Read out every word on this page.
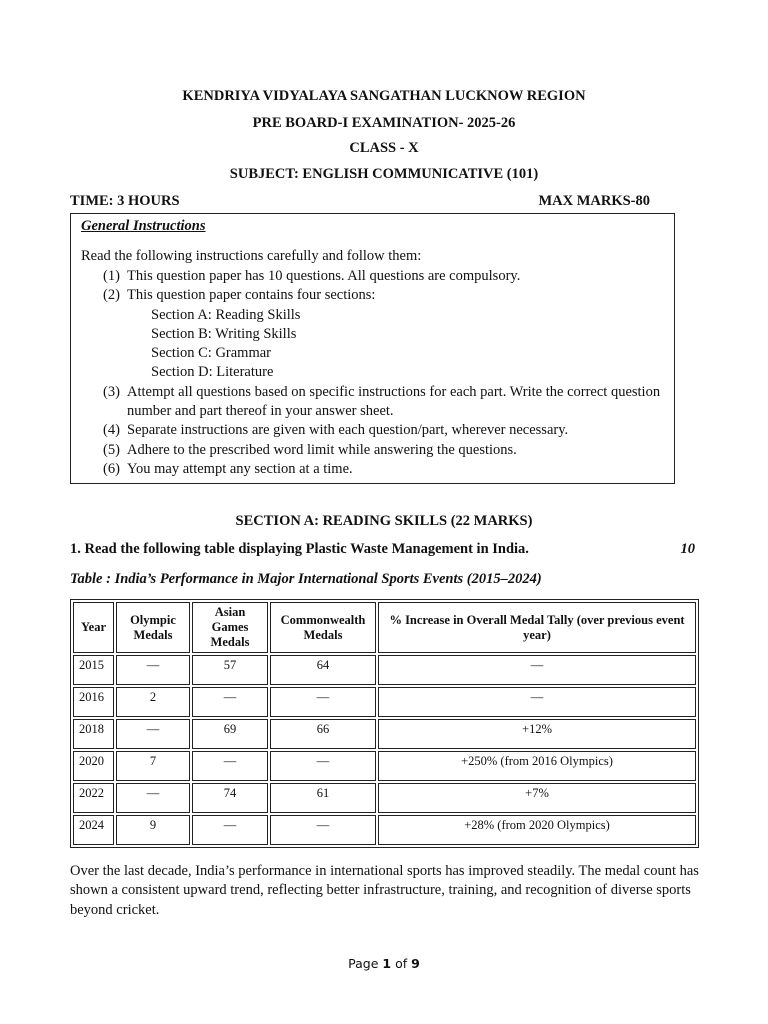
KENDRIYA VIDYALAYA SANGATHAN LUCKNOW REGION
PRE BOARD-I EXAMINATION- 2025-26
CLASS - X
SUBJECT: ENGLISH COMMUNICATIVE (101)
TIME: 3 HOURS	MAX MARKS-80
General Instructions
Read the following instructions carefully and follow them:
(1) This question paper has 10 questions. All questions are compulsory.
(2) This question paper contains four sections:
Section A: Reading Skills
Section B: Writing Skills
Section C: Grammar
Section D: Literature
(3) Attempt all questions based on specific instructions for each part. Write the correct question number and part thereof in your answer sheet.
(4) Separate instructions are given with each question/part, wherever necessary.
(5) Adhere to the prescribed word limit while answering the questions.
(6) You may attempt any section at a time.
SECTION A: READING SKILLS (22 MARKS)
1. Read the following table displaying Plastic Waste Management in India.	10
Table : India’s Performance in Major International Sports Events (2015–2024)
Year	Olympic Medals	Asian Games Medals	Commonwealth Medals	% Increase in Overall Medal Tally (over previous event year)
2015	—	57	64	—
2016	2	—	—	—
2018	—	69	66	+12%
2020	7	—	—	+250% (from 2016 Olympics)
2022	—	74	61	+7%
2024	9	—	—	+28% (from 2020 Olympics)
Over the last decade, India’s performance in international sports has improved steadily. The medal count has shown a consistent upward trend, reflecting better infrastructure, training, and recognition of diverse sports beyond cricket.
Page 1 of 9
